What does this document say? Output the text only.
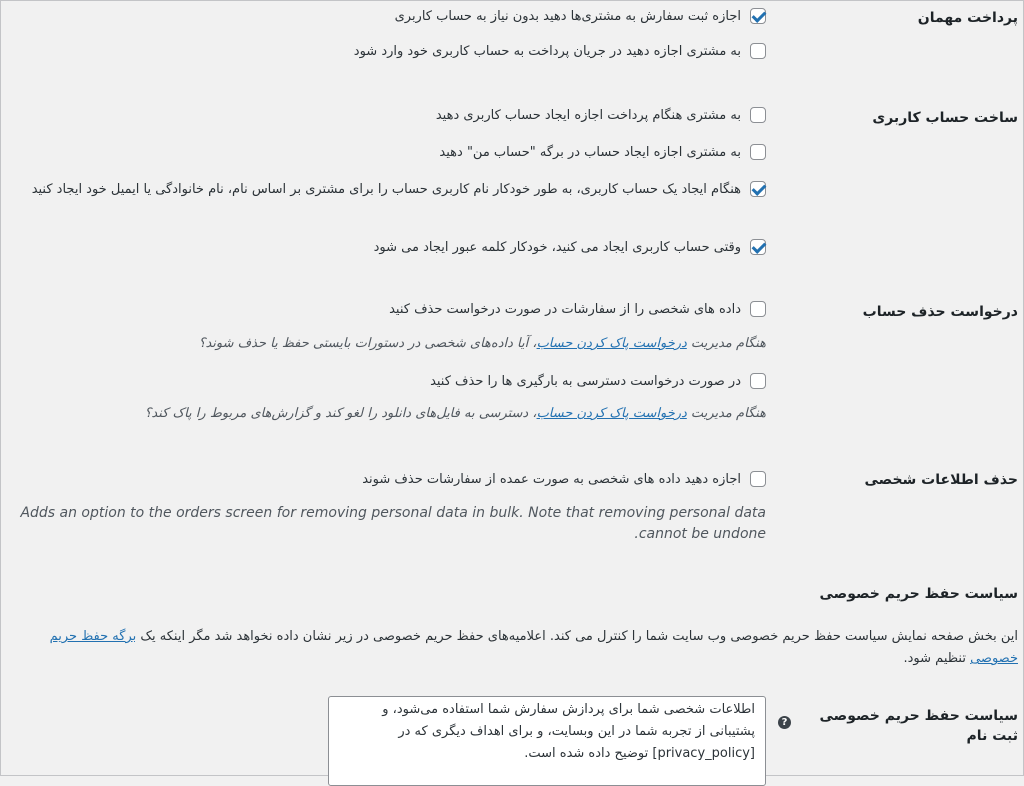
پرداخت مهمان
اجازه ثبت سفارش به مشتری‌ها دهید بدون نیاز به حساب کاربری
به مشتری اجازه دهید در جریان پرداخت به حساب کاربری خود وارد شود
ساخت حساب کاربری
به مشتری هنگام پرداخت اجازه ایجاد حساب کاربری دهید
به مشتری اجازه ایجاد حساب در برگه "حساب من" دهید
هنگام ایجاد یک حساب کاربری، به طور خودکار نام کاربری حساب را برای مشتری بر اساس نام، نام خانوادگی یا ایمیل خود ایجاد کنید
وقتی حساب کاربری ایجاد می کنید، خودکار کلمه عبور ایجاد می شود
درخواست حذف حساب
داده های شخصی را از سفارشات در صورت درخواست حذف کنید
هنگام مدیریت درخواست پاک کردن حساب، آیا داده‌های شخصی در دستورات بایستی حفظ یا حذف شوند؟
در صورت درخواست دسترسی به بارگیری ها را حذف کنید
هنگام مدیریت درخواست پاک کردن حساب، دسترسی به فایل‌های دانلود را لغو کند و گزارش‌های مربوط را پاک کند؟
حذف اطلاعات شخصی
اجازه دهید داده های شخصی به صورت عمده از سفارشات حذف شوند
Adds an option to the orders screen for removing personal data in bulk. Note that removing personal data cannot be undone.
سیاست حفظ حریم خصوصی
این بخش صفحه نمایش سیاست حفظ حریم خصوصی وب سایت شما را کنترل می کند. اعلامیه‌های حفظ حریم خصوصی در زیر نشان داده نخواهد شد مگر اینکه یک برگه حفظ حریم خصوصی تنظیم شود.
سیاست حفظ حریم خصوصی ثبت نام
?
اطلاعات شخصی شما برای پردازش سفارش شما استفاده می‌شود، و پشتیبانی از تجربه شما در این وبسایت، و برای اهداف دیگری که در [privacy_policy] توضیح داده شده است.
